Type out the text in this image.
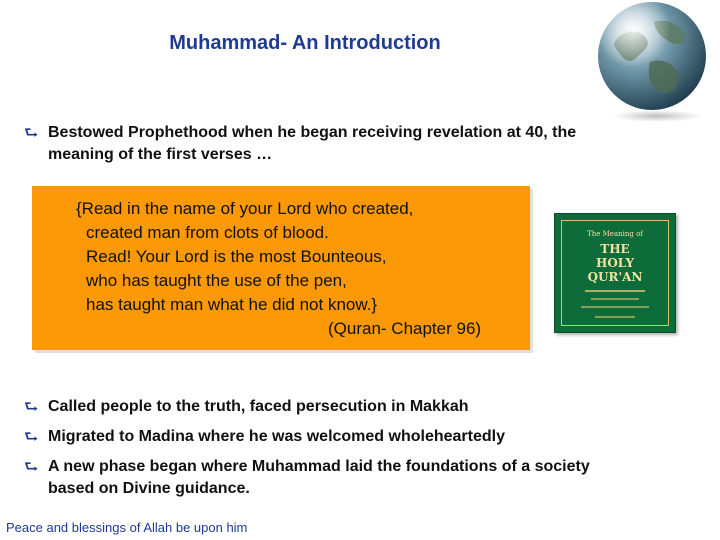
Muhammad- An Introduction
⮑ Bestowed Prophethood when he began receiving revelation at 40, the
meaning of the first verses …
{Read in the name of your Lord who created,
created man from clots of blood.
Read! Your Lord is the most Bounteous,
who has taught the use of the pen,
has taught man what he did not know.}
(Quran- Chapter 96)
The Meaning of
THE
HOLY
QUR'AN
⮑ Called people to the truth, faced persecution in Makkah
⮑ Migrated to Madina where he was welcomed wholeheartedly
⮑ A new phase began where Muhammad laid the foundations of a society
based on Divine guidance.
Peace and blessings of Allah be upon him
